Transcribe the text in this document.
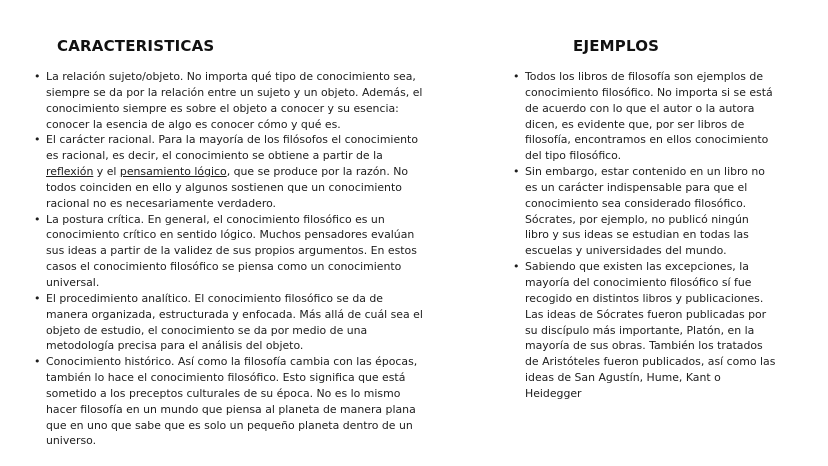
CARACTERISTICAS
• La relación sujeto/objeto. No importa qué tipo de conocimiento sea,
siempre se da por la relación entre un sujeto y un objeto. Además, el
conocimiento siempre es sobre el objeto a conocer y su esencia:
conocer la esencia de algo es conocer cómo y qué es.
• El carácter racional. Para la mayoría de los filósofos el conocimiento
es racional, es decir, el conocimiento se obtiene a partir de la
reflexión y el pensamiento lógico, que se produce por la razón. No
todos coinciden en ello y algunos sostienen que un conocimiento
racional no es necesariamente verdadero.
• La postura crítica. En general, el conocimiento filosófico es un
conocimiento crítico en sentido lógico. Muchos pensadores evalúan
sus ideas a partir de la validez de sus propios argumentos. En estos
casos el conocimiento filosófico se piensa como un conocimiento
universal.
• El procedimiento analítico. El conocimiento filosófico se da de
manera organizada, estructurada y enfocada. Más allá de cuál sea el
objeto de estudio, el conocimiento se da por medio de una
metodología precisa para el análisis del objeto.
• Conocimiento histórico. Así como la filosofía cambia con las épocas,
también lo hace el conocimiento filosófico. Esto significa que está
sometido a los preceptos culturales de su época. No es lo mismo
hacer filosofía en un mundo que piensa al planeta de manera plana
que en uno que sabe que es solo un pequeño planeta dentro de un
universo.
EJEMPLOS
• Todos los libros de filosofía son ejemplos de
conocimiento filosófico. No importa si se está
de acuerdo con lo que el autor o la autora
dicen, es evidente que, por ser libros de
filosofía, encontramos en ellos conocimiento
del tipo filosófico.
• Sin embargo, estar contenido en un libro no
es un carácter indispensable para que el
conocimiento sea considerado filosófico.
Sócrates, por ejemplo, no publicó ningún
libro y sus ideas se estudian en todas las
escuelas y universidades del mundo.
• Sabiendo que existen las excepciones, la
mayoría del conocimiento filosófico sí fue
recogido en distintos libros y publicaciones.
Las ideas de Sócrates fueron publicadas por
su discípulo más importante, Platón, en la
mayoría de sus obras. También los tratados
de Aristóteles fueron publicados, así como las
ideas de San Agustín, Hume, Kant o
Heidegger
